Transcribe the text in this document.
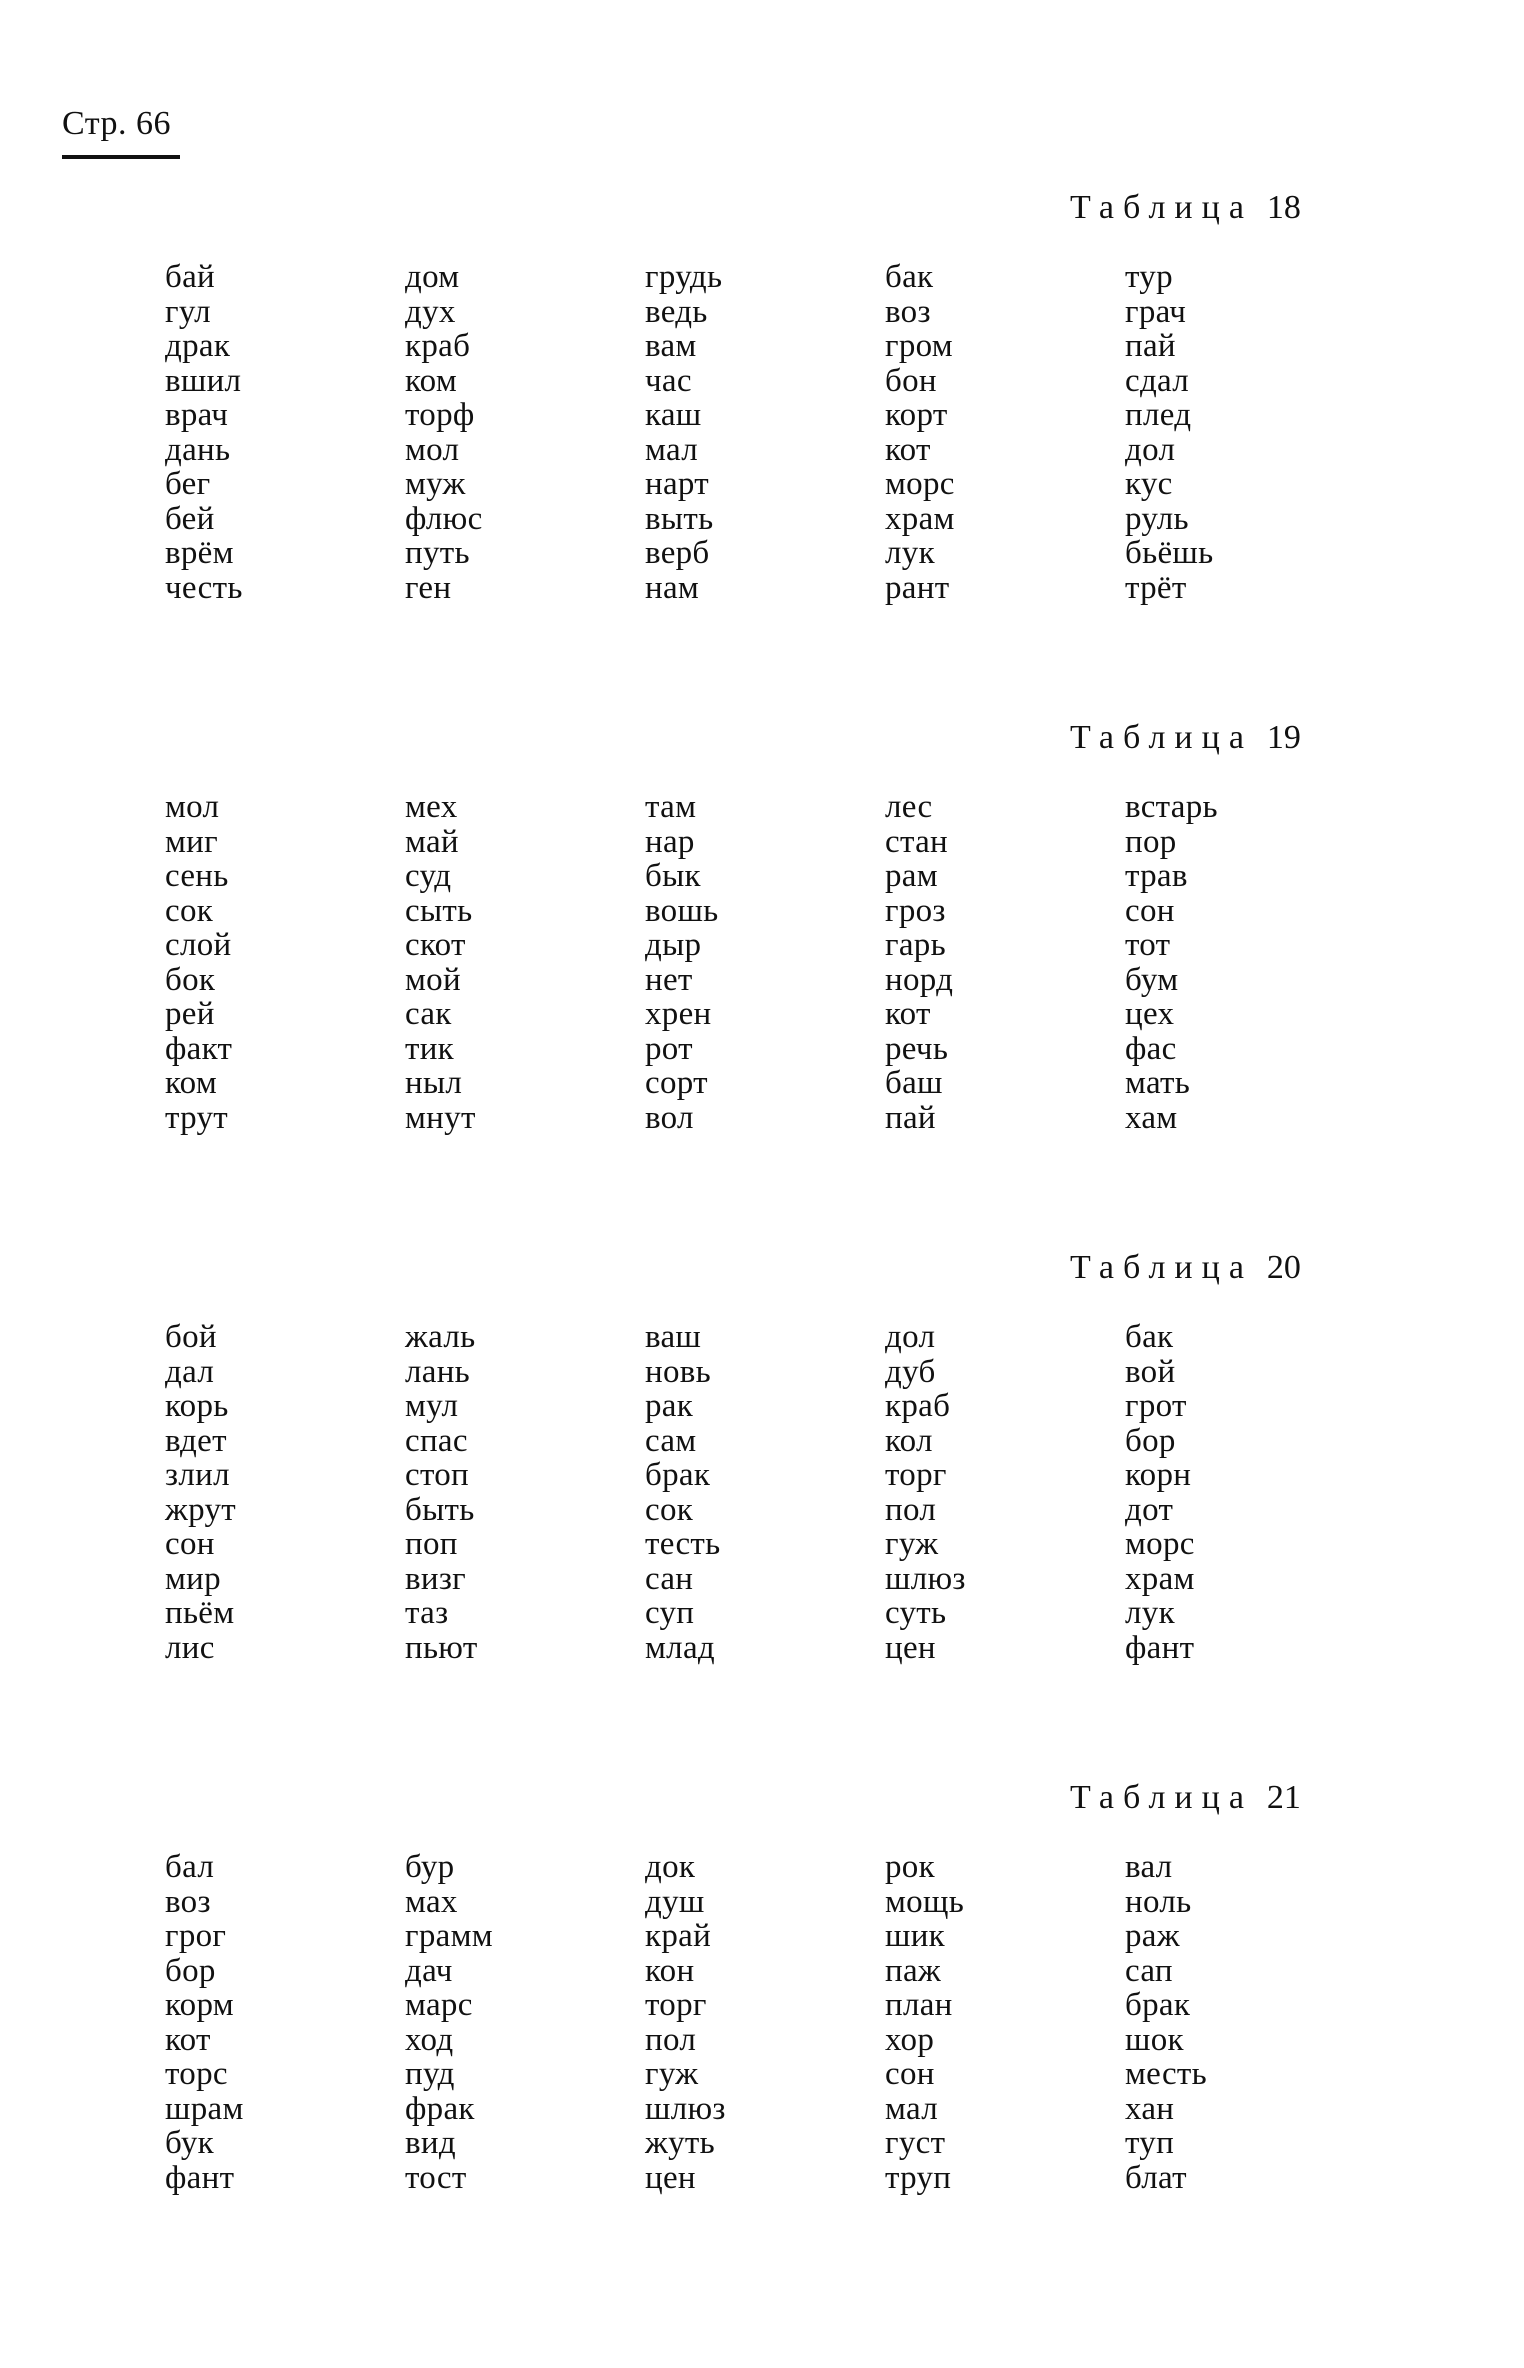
Стр. 66
Таблица 18
бай
гул
драк
вшил
врач
дань
бег
бей
врём
честь
дом
дух
краб
ком
торф
мол
муж
флюс
путь
ген
грудь
ведь
вам
час
каш
мал
нарт
выть
верб
нам
бак
воз
гром
бон
корт
кот
морс
храм
лук
рант
тур
грач
пай
сдал
плед
дол
кус
руль
бьёшь
трёт
Таблица 19
мол
миг
сень
сок
слой
бок
рей
факт
ком
трут
мех
май
суд
сыть
скот
мой
сак
тик
ныл
мнут
там
нар
бык
вошь
дыр
нет
хрен
рот
сорт
вол
лес
стан
рам
гроз
гарь
норд
кот
речь
баш
пай
встарь
пор
трав
сон
тот
бум
цех
фас
мать
хам
Таблица 20
бой
дал
корь
вдет
злил
жрут
сон
мир
пьём
лис
жаль
лань
мул
спас
стоп
быть
поп
визг
таз
пьют
ваш
новь
рак
сам
брак
сок
тесть
сан
суп
млад
дол
дуб
краб
кол
торг
пол
гуж
шлюз
суть
цен
бак
вой
грот
бор
корн
дот
морс
храм
лук
фант
Таблица 21
бал
воз
грог
бор
корм
кот
торс
шрам
бук
фант
бур
мах
грамм
дач
марс
ход
пуд
фрак
вид
тост
док
душ
край
кон
торг
пол
гуж
шлюз
жуть
цен
рок
мощь
шик
паж
план
хор
сон
мал
густ
труп
вал
ноль
раж
сап
брак
шок
месть
хан
туп
блат
